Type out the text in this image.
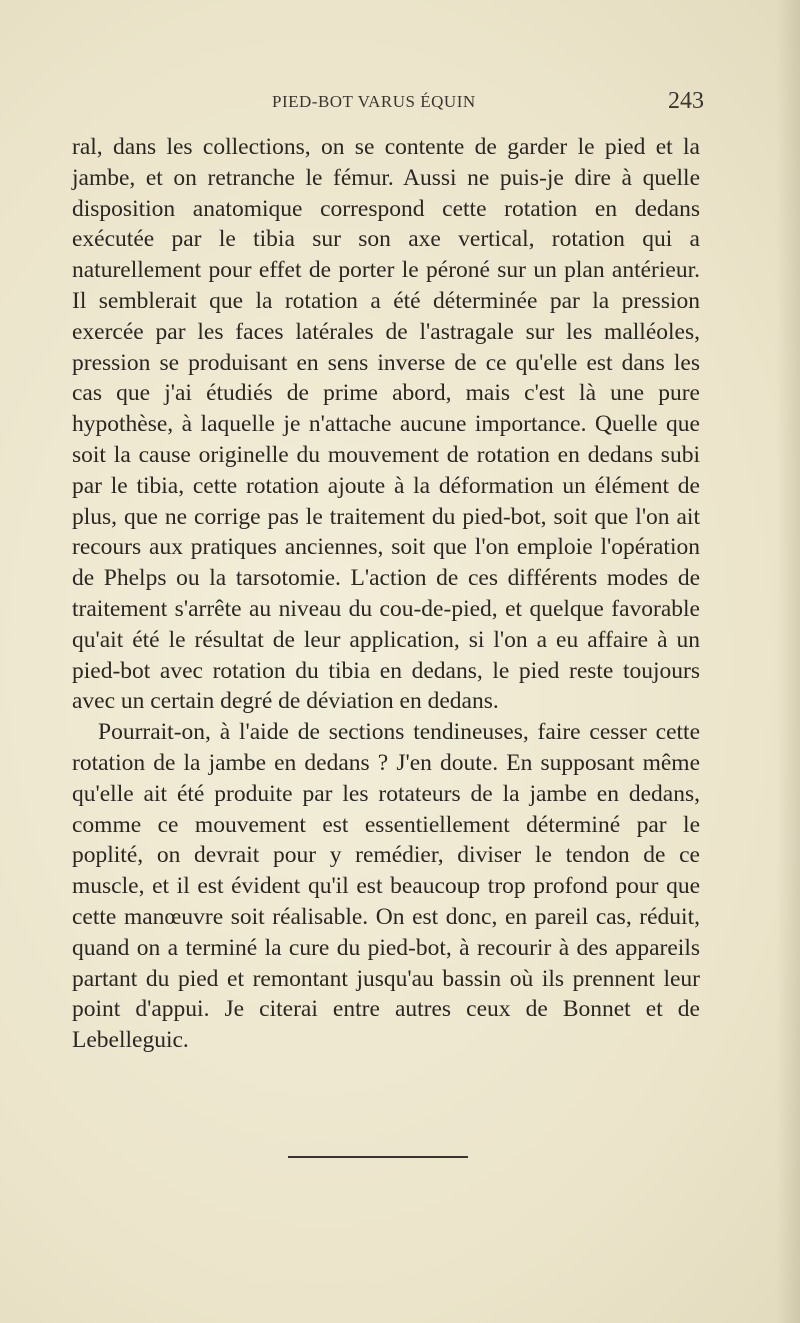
PIED-BOT VARUS ÉQUIN	243

ral, dans les collections, on se contente de garder le pied et la jambe, et on retranche le fémur. Aussi ne puis-je dire à quelle disposition anatomique correspond cette rotation en dedans exécutée par le tibia sur son axe vertical, rotation qui a naturellement pour effet de porter le péroné sur un plan antérieur. Il semblerait que la rotation a été déterminée par la pression exercée par les faces latérales de l'astragale sur les malléoles, pression se produisant en sens inverse de ce qu'elle est dans les cas que j'ai étudiés de prime abord, mais c'est là une pure hypothèse, à laquelle je n'attache aucune importance. Quelle que soit la cause originelle du mouvement de rotation en dedans subi par le tibia, cette rotation ajoute à la déformation un élément de plus, que ne corrige pas le traitement du pied-bot, soit que l'on ait recours aux pratiques anciennes, soit que l'on emploie l'opération de Phelps ou la tarsotomie. L'action de ces différents modes de traitement s'arrête au niveau du cou-de-pied, et quelque favorable qu'ait été le résultat de leur application, si l'on a eu affaire à un pied-bot avec rotation du tibia en dedans, le pied reste toujours avec un certain degré de déviation en dedans.

Pourrait-on, à l'aide de sections tendineuses, faire cesser cette rotation de la jambe en dedans ? J'en doute. En supposant même qu'elle ait été produite par les rotateurs de la jambe en dedans, comme ce mouvement est essentiellement déterminé par le poplité, on devrait pour y remédier, diviser le tendon de ce muscle, et il est évident qu'il est beaucoup trop profond pour que cette manœuvre soit réalisable. On est donc, en pareil cas, réduit, quand on a terminé la cure du pied-bot, à recourir à des appareils partant du pied et remontant jusqu'au bassin où ils prennent leur point d'appui. Je citerai entre autres ceux de Bonnet et de Lebelleguic.
